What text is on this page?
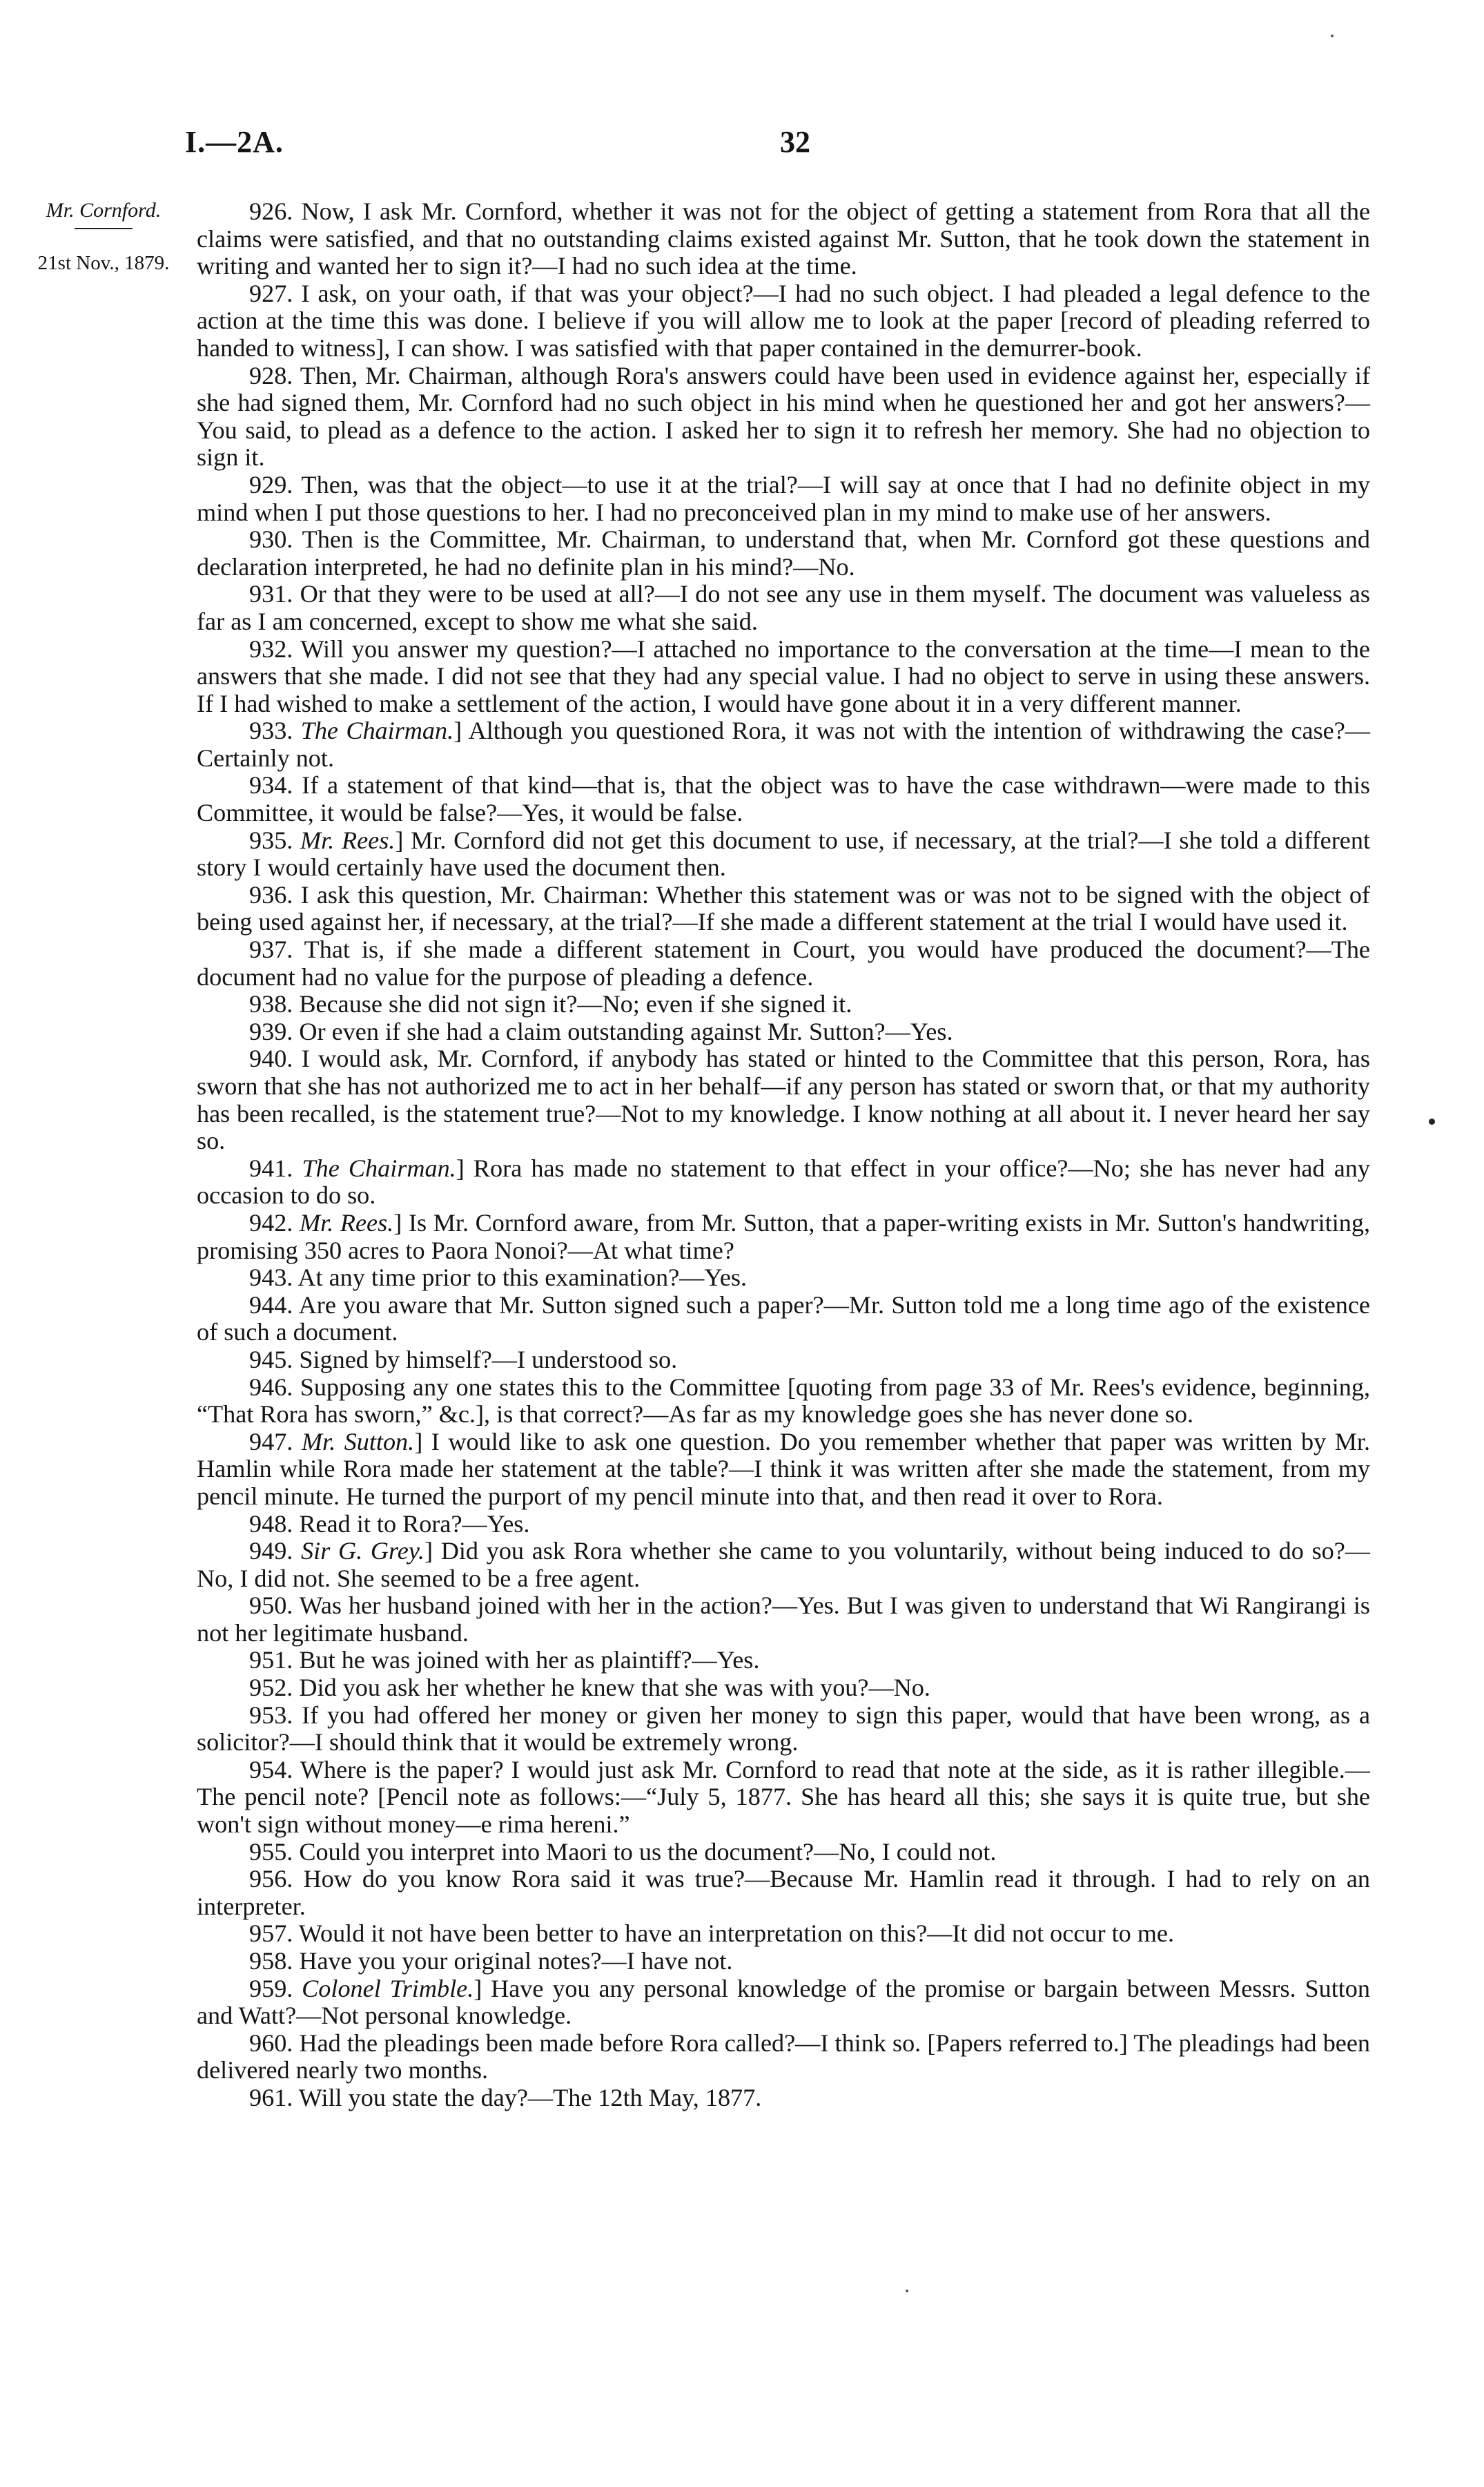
I.—2A.	32
Mr. Cornford.
21st Nov., 1879.

926. Now, I ask Mr. Cornford, whether it was not for the object of getting a statement from Rora that all the claims were satisfied, and that no outstanding claims existed against Mr. Sutton, that he took down the statement in writing and wanted her to sign it?—I had no such idea at the time.

927. I ask, on your oath, if that was your object?—I had no such object. I had pleaded a legal defence to the action at the time this was done. I believe if you will allow me to look at the paper [record of pleading referred to handed to witness], I can show. I was satisfied with that paper contained in the demurrer-book.

928. Then, Mr. Chairman, although Rora's answers could have been used in evidence against her, especially if she had signed them, Mr. Cornford had no such object in his mind when he questioned her and got her answers?—You said, to plead as a defence to the action. I asked her to sign it to refresh her memory. She had no objection to sign it.

929. Then, was that the object—to use it at the trial?—I will say at once that I had no definite object in my mind when I put those questions to her. I had no preconceived plan in my mind to make use of her answers.

930. Then is the Committee, Mr. Chairman, to understand that, when Mr. Cornford got these questions and declaration interpreted, he had no definite plan in his mind?—No.

931. Or that they were to be used at all?—I do not see any use in them myself. The document was valueless as far as I am concerned, except to show me what she said.

932. Will you answer my question?—I attached no importance to the conversation at the time—I mean to the answers that she made. I did not see that they had any special value. I had no object to serve in using these answers. If I had wished to make a settlement of the action, I would have gone about it in a very different manner.

933. The Chairman.] Although you questioned Rora, it was not with the intention of withdrawing the case?—Certainly not.

934. If a statement of that kind—that is, that the object was to have the case withdrawn—were made to this Committee, it would be false?—Yes, it would be false.

935. Mr. Rees.] Mr. Cornford did not get this document to use, if necessary, at the trial?—I she told a different story I would certainly have used the document then.

936. I ask this question, Mr. Chairman: Whether this statement was or was not to be signed with the object of being used against her, if necessary, at the trial?—If she made a different statement at the trial I would have used it.

937. That is, if she made a different statement in Court, you would have produced the document?—The document had no value for the purpose of pleading a defence.

938. Because she did not sign it?—No; even if she signed it.

939. Or even if she had a claim outstanding against Mr. Sutton?—Yes.

940. I would ask, Mr. Cornford, if anybody has stated or hinted to the Committee that this person, Rora, has sworn that she has not authorized me to act in her behalf—if any person has stated or sworn that, or that my authority has been recalled, is the statement true?—Not to my knowledge. I know nothing at all about it. I never heard her say so.

941. The Chairman.] Rora has made no statement to that effect in your office?—No; she has never had any occasion to do so.

942. Mr. Rees.] Is Mr. Cornford aware, from Mr. Sutton, that a paper-writing exists in Mr. Sutton's handwriting, promising 350 acres to Paora Nonoi?—At what time?

943. At any time prior to this examination?—Yes.

944. Are you aware that Mr. Sutton signed such a paper?—Mr. Sutton told me a long time ago of the existence of such a document.

945. Signed by himself?—I understood so.

946. Supposing any one states this to the Committee [quoting from page 33 of Mr. Rees's evidence, beginning, “That Rora has sworn,” &c.], is that correct?—As far as my knowledge goes she has never done so.

947. Mr. Sutton.] I would like to ask one question. Do you remember whether that paper was written by Mr. Hamlin while Rora made her statement at the table?—I think it was written after she made the statement, from my pencil minute. He turned the purport of my pencil minute into that, and then read it over to Rora.

948. Read it to Rora?—Yes.

949. Sir G. Grey.] Did you ask Rora whether she came to you voluntarily, without being induced to do so?—No, I did not. She seemed to be a free agent.

950. Was her husband joined with her in the action?—Yes. But I was given to understand that Wi Rangirangi is not her legitimate husband.

951. But he was joined with her as plaintiff?—Yes.

952. Did you ask her whether he knew that she was with you?—No.

953. If you had offered her money or given her money to sign this paper, would that have been wrong, as a solicitor?—I should think that it would be extremely wrong.

954. Where is the paper? I would just ask Mr. Cornford to read that note at the side, as it is rather illegible.—The pencil note? [Pencil note as follows:—“July 5, 1877. She has heard all this; she says it is quite true, but she won't sign without money—e rima hereni.”

955. Could you interpret into Maori to us the document?—No, I could not.

956. How do you know Rora said it was true?—Because Mr. Hamlin read it through. I had to rely on an interpreter.

957. Would it not have been better to have an interpretation on this?—It did not occur to me.

958. Have you your original notes?—I have not.

959. Colonel Trimble.] Have you any personal knowledge of the promise or bargain between Messrs. Sutton and Watt?—Not personal knowledge.

960. Had the pleadings been made before Rora called?—I think so. [Papers referred to.] The pleadings had been delivered nearly two months.

961. Will you state the day?—The 12th May, 1877.
